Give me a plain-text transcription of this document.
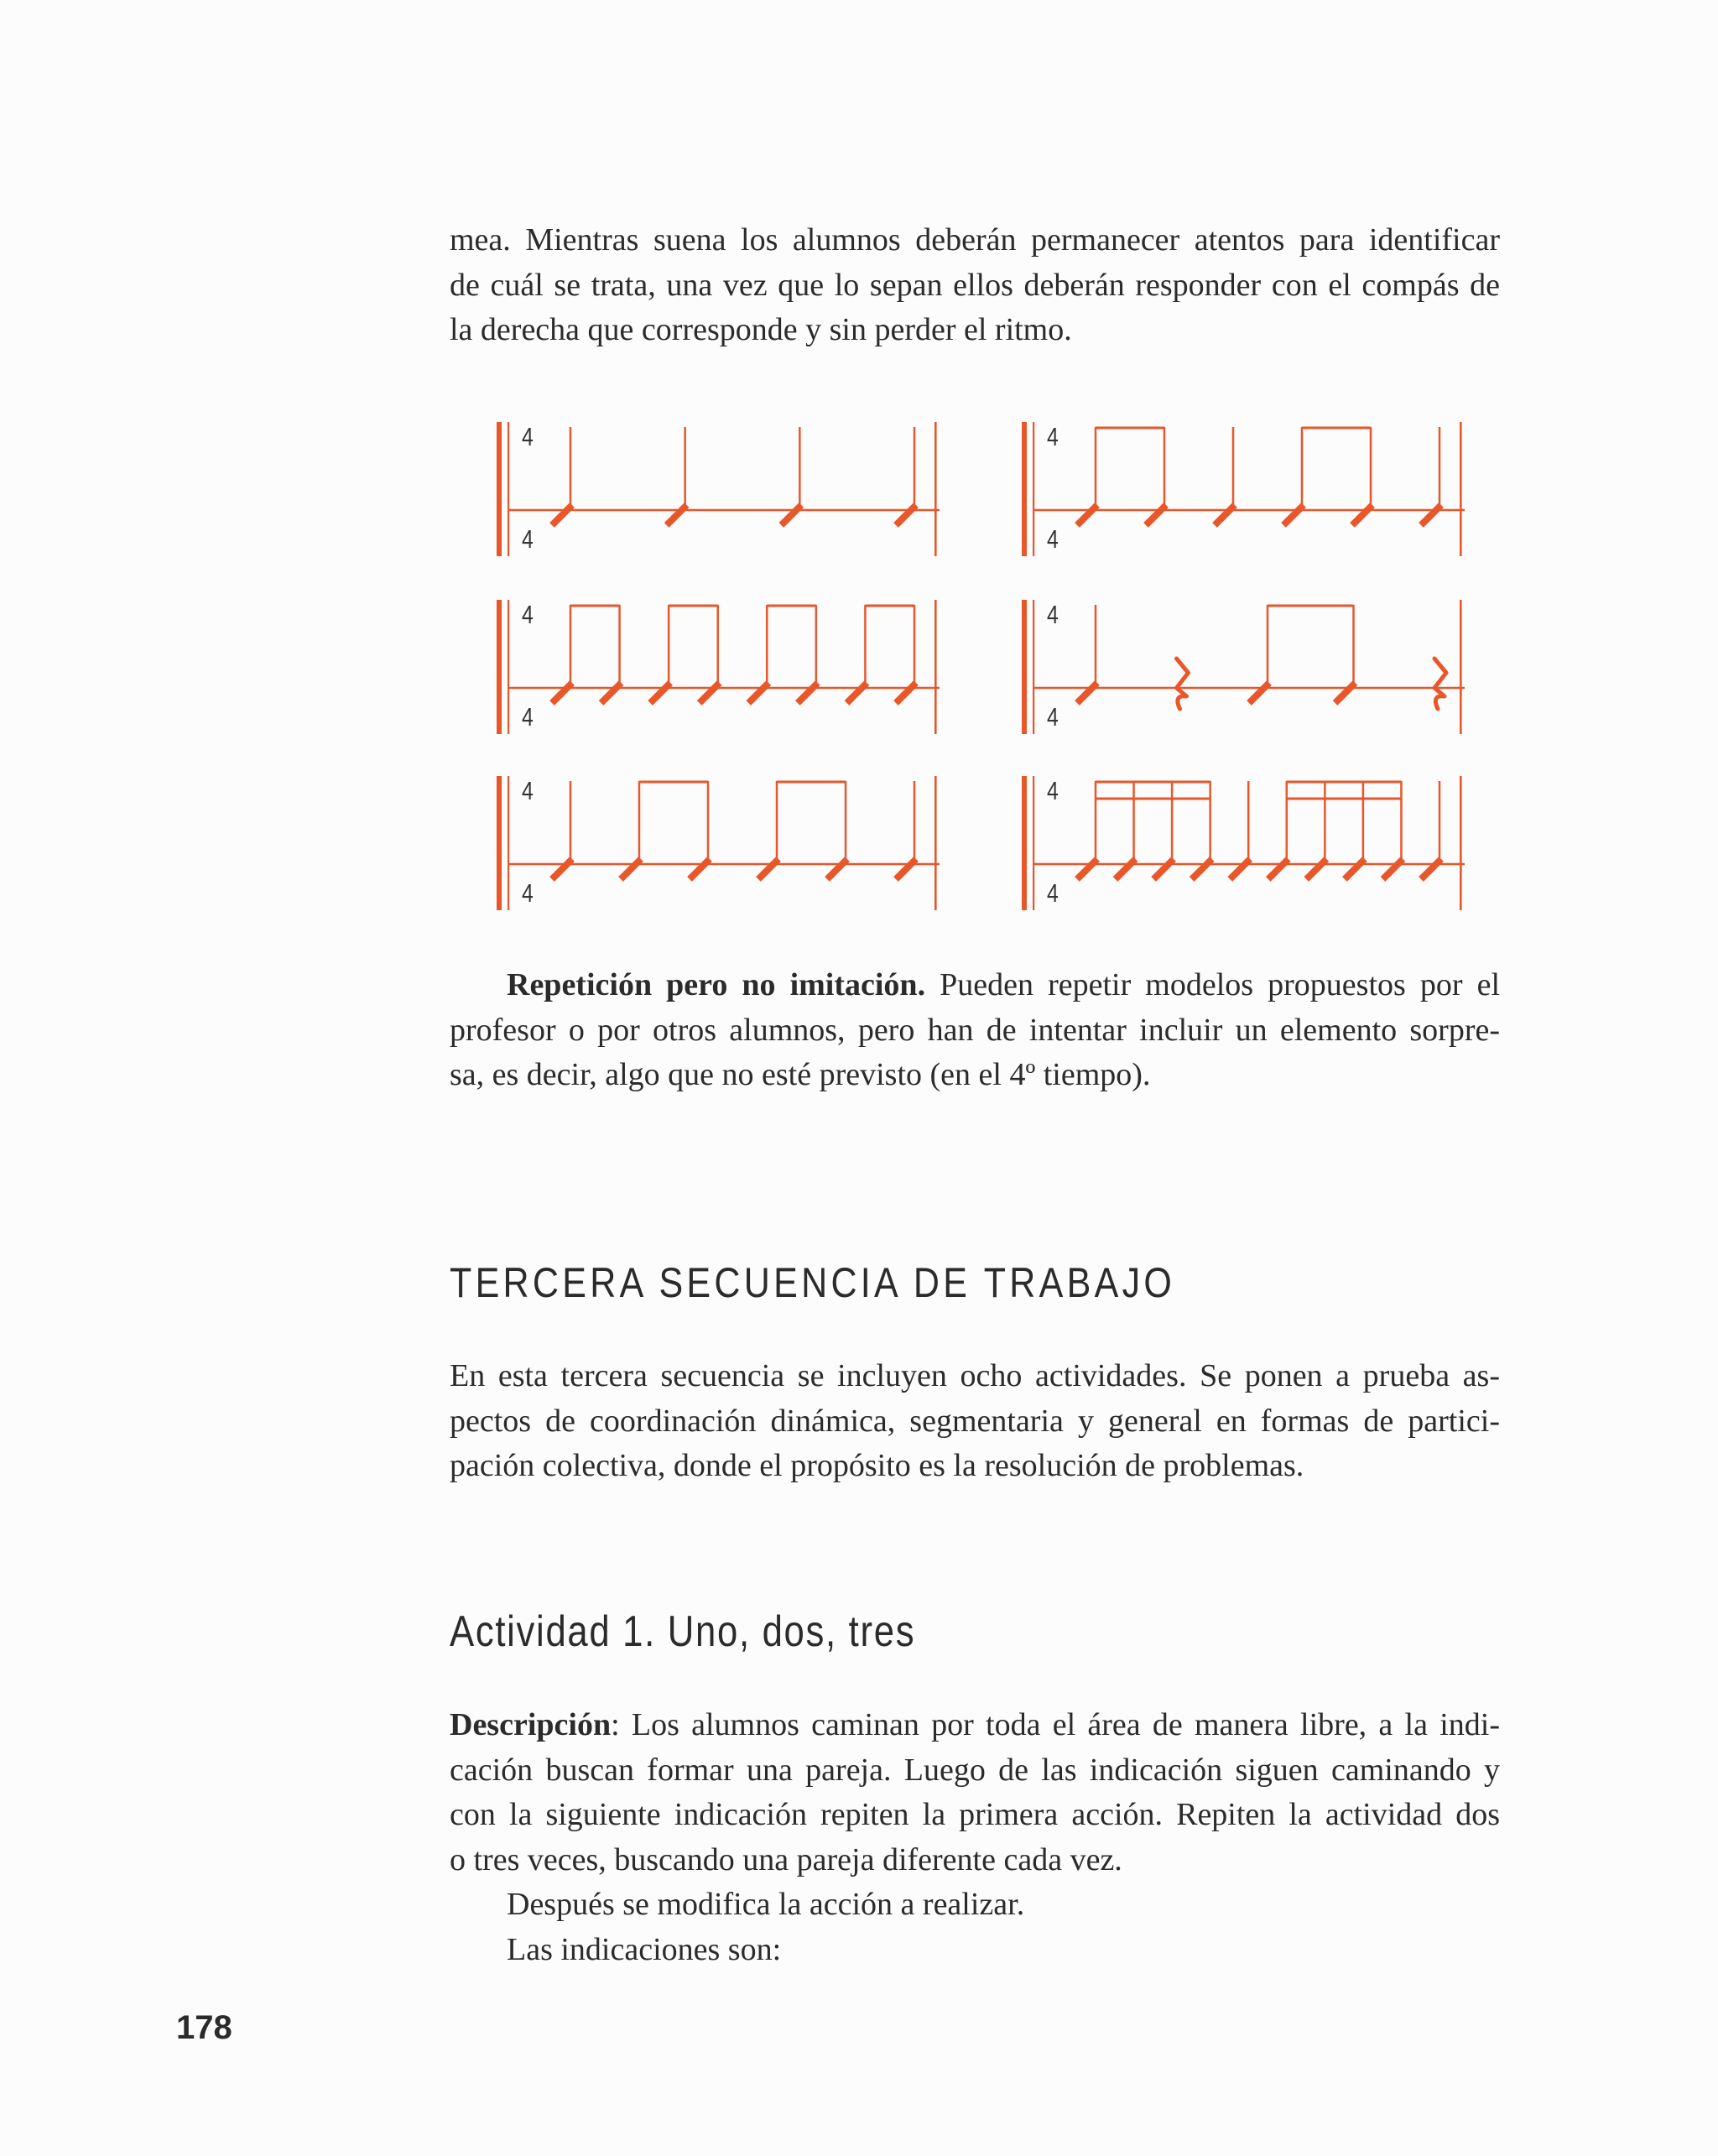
mea. Mientras suena los alumnos deberán permanecer atentos para identificar
de cuál se trata, una vez que lo sepan ellos deberán responder con el compás de
la derecha que corresponde y sin perder el ritmo.
4
4
4
4
4
4
4
4
4
4
4
4
Repetición pero no imitación. Pueden repetir modelos propuestos por el
profesor o por otros alumnos, pero han de intentar incluir un elemento sorpre-
sa, es decir, algo que no esté previsto (en el 4º tiempo).
TERCERA SECUENCIA DE TRABAJO
En esta tercera secuencia se incluyen ocho actividades. Se ponen a prueba as-
pectos de coordinación dinámica, segmentaria y general en formas de partici-
pación colectiva, donde el propósito es la resolución de problemas.
Actividad 1. Uno, dos, tres
Descripción: Los alumnos caminan por toda el área de manera libre, a la indi-
cación buscan formar una pareja. Luego de las indicación siguen caminando y
con la siguiente indicación repiten la primera acción. Repiten la actividad dos
o tres veces, buscando una pareja diferente cada vez.
Después se modifica la acción a realizar.
Las indicaciones son:

178
